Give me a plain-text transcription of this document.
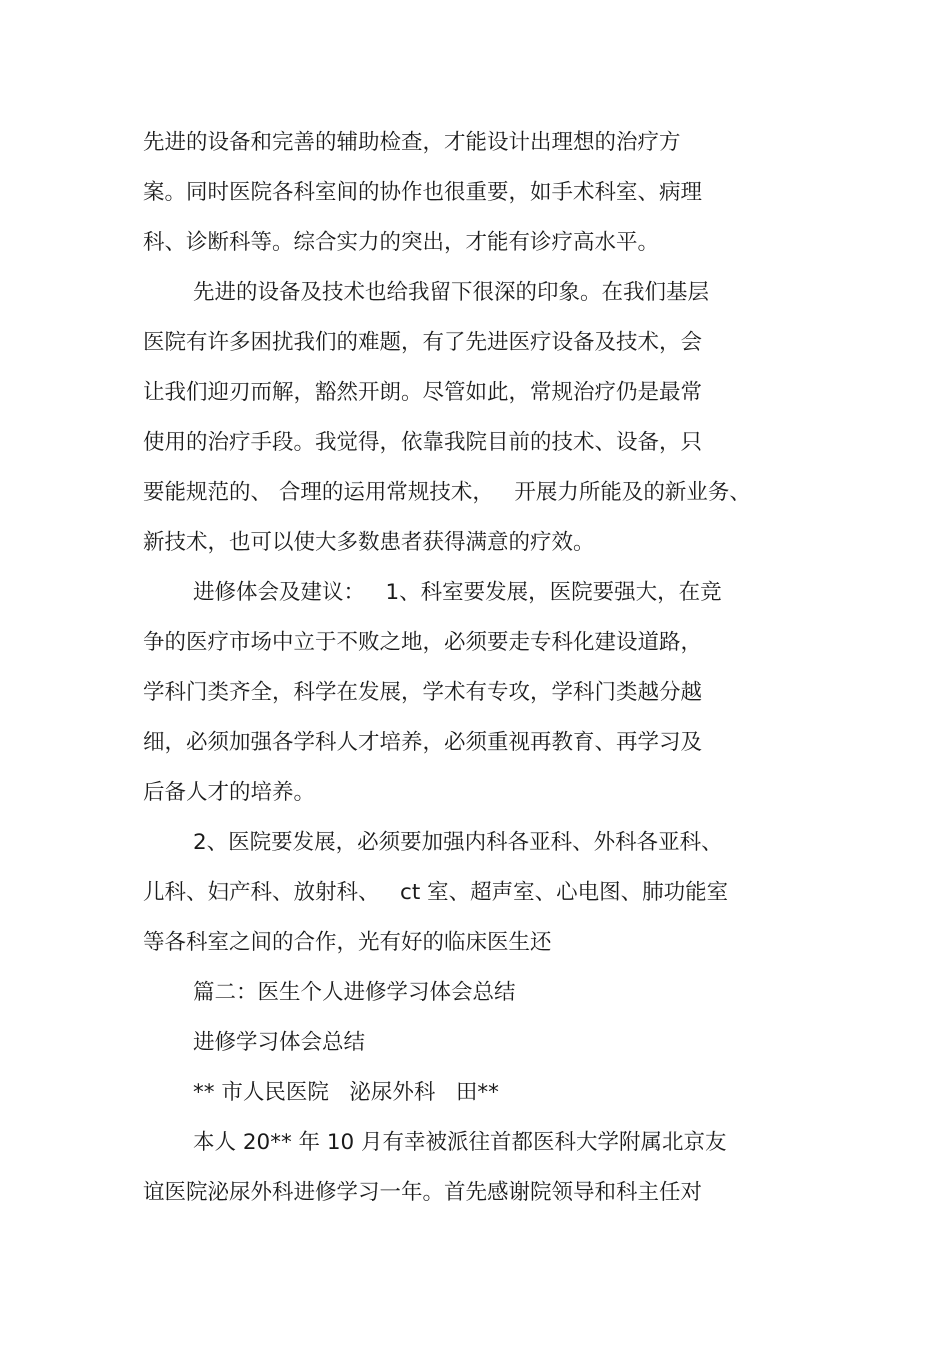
先进的设备和完善的辅助检查，才能设计出理想的治疗方
案。同时医院各科室间的协作也很重要，如手术科室、病理
科、诊断科等。综合实力的突出，才能有诊疗高水平。
先进的设备及技术也给我留下很深的印象。在我们基层
医院有许多困扰我们的难题，有了先进医疗设备及技术，会
让我们迎刃而解，豁然开朗。尽管如此，常规治疗仍是最常
使用的治疗手段。我觉得，依靠我院目前的技术、设备，只
要能规范的、 合理的运用常规技术，   开展力所能及的新业务、
新技术，也可以使大多数患者获得满意的疗效。
进修体会及建议：   1、科室要发展，医院要强大，在竞
争的医疗市场中立于不败之地，必须要走专科化建设道路，
学科门类齐全，科学在发展，学术有专攻，学科门类越分越
细，必须加强各学科人才培养，必须重视再教育、再学习及
后备人才的培养。
2、医院要发展，必须要加强内科各亚科、外科各亚科、
儿科、妇产科、放射科、   ct 室、超声室、心电图、肺功能室
等各科室之间的合作，光有好的临床医生还
篇二：医生个人进修学习体会总结
进修学习体会总结
** 市人民医院   泌尿外科   田**
本人 20** 年 10 月有幸被派往首都医科大学附属北京友
谊医院泌尿外科进修学习一年。首先感谢院领导和科主任对
